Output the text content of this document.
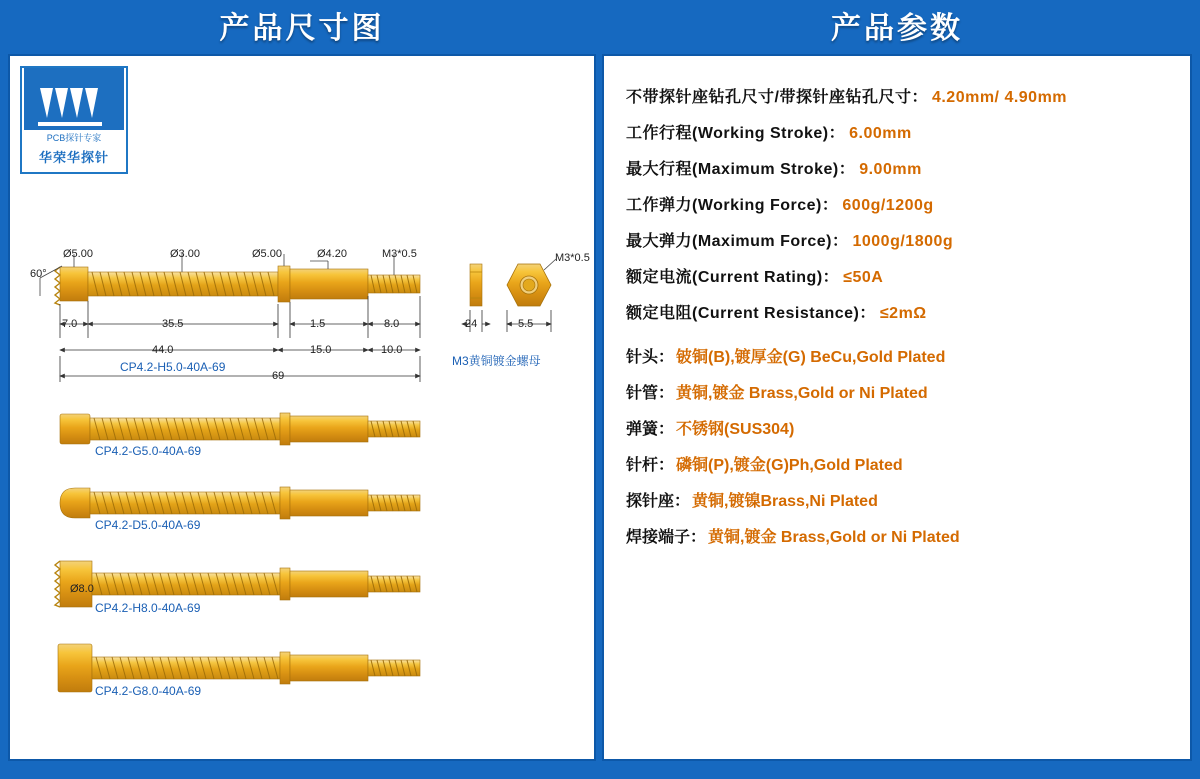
产品尺寸图
PCB探针专家
华荣华探针
60°
Ø5.00	Ø3.00	Ø5.00	Ø4.20	M3*0.5
7.0	35.5	1.5	8.0
44.0	15.0	10.0
69
CP4.2-H5.0-40A-69
M3*0.5
24	5.5
M3黄铜镀金螺母
CP4.2-G5.0-40A-69
CP4.2-D5.0-40A-69
Ø8.0
CP4.2-H8.0-40A-69
CP4.2-G8.0-40A-69
产品参数
不带探针座钻孔尺寸/带探针座钻孔尺寸： 4.20mm/ 4.90mm
工作行程(Working Stroke)： 6.00mm
最大行程(Maximum Stroke)： 9.00mm
工作弹力(Working Force)： 600g/1200g
最大弹力(Maximum Force)： 1000g/1800g
额定电流(Current Rating)： ≤50A
额定电阻(Current Resistance)： ≤2mΩ
针头： 铍铜(B),镀厚金(G) BeCu,Gold Plated
针管： 黄铜,镀金 Brass,Gold or Ni Plated
弹簧： 不锈钢(SUS304)
针杆： 磷铜(P),镀金(G)Ph,Gold Plated
探针座： 黄铜,镀镍Brass,Ni Plated
焊接端子： 黄铜,镀金 Brass,Gold or Ni Plated
